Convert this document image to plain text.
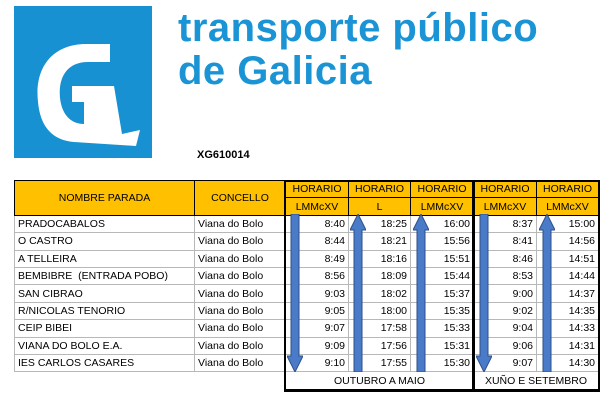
transporte público
de Galicia
XG610014
NOMBRE PARADA	CONCELLO	HORARIO	HORARIO	HORARIO	HORARIO	HORARIO
		LMMcXV	L	LMMcXV	LMMcXV	LMMcXV
PRADOCABALOS	Viana do Bolo	8:40	18:25	16:00	8:37	15:00
O CASTRO	Viana do Bolo	8:44	18:21	15:56	8:41	14:56
A TELLEIRA	Viana do Bolo	8:49	18:16	15:51	8:46	14:51
BEMBIBRE  (ENTRADA POBO)	Viana do Bolo	8:56	18:09	15:44	8:53	14:44
SAN CIBRAO	Viana do Bolo	9:03	18:02	15:37	9:00	14:37
R/NICOLAS TENORIO	Viana do Bolo	9:05	18:00	15:35	9:02	14:35
CEIP BIBEI	Viana do Bolo	9:07	17:58	15:33	9:04	14:33
VIANA DO BOLO E.A.	Viana do Bolo	9:09	17:56	15:31	9:06	14:31
IES CARLOS CASARES	Viana do Bolo	9:10	17:55	15:30	9:07	14:30
		OUTUBRO A MAIO			XUÑO E SETEMBRO	
